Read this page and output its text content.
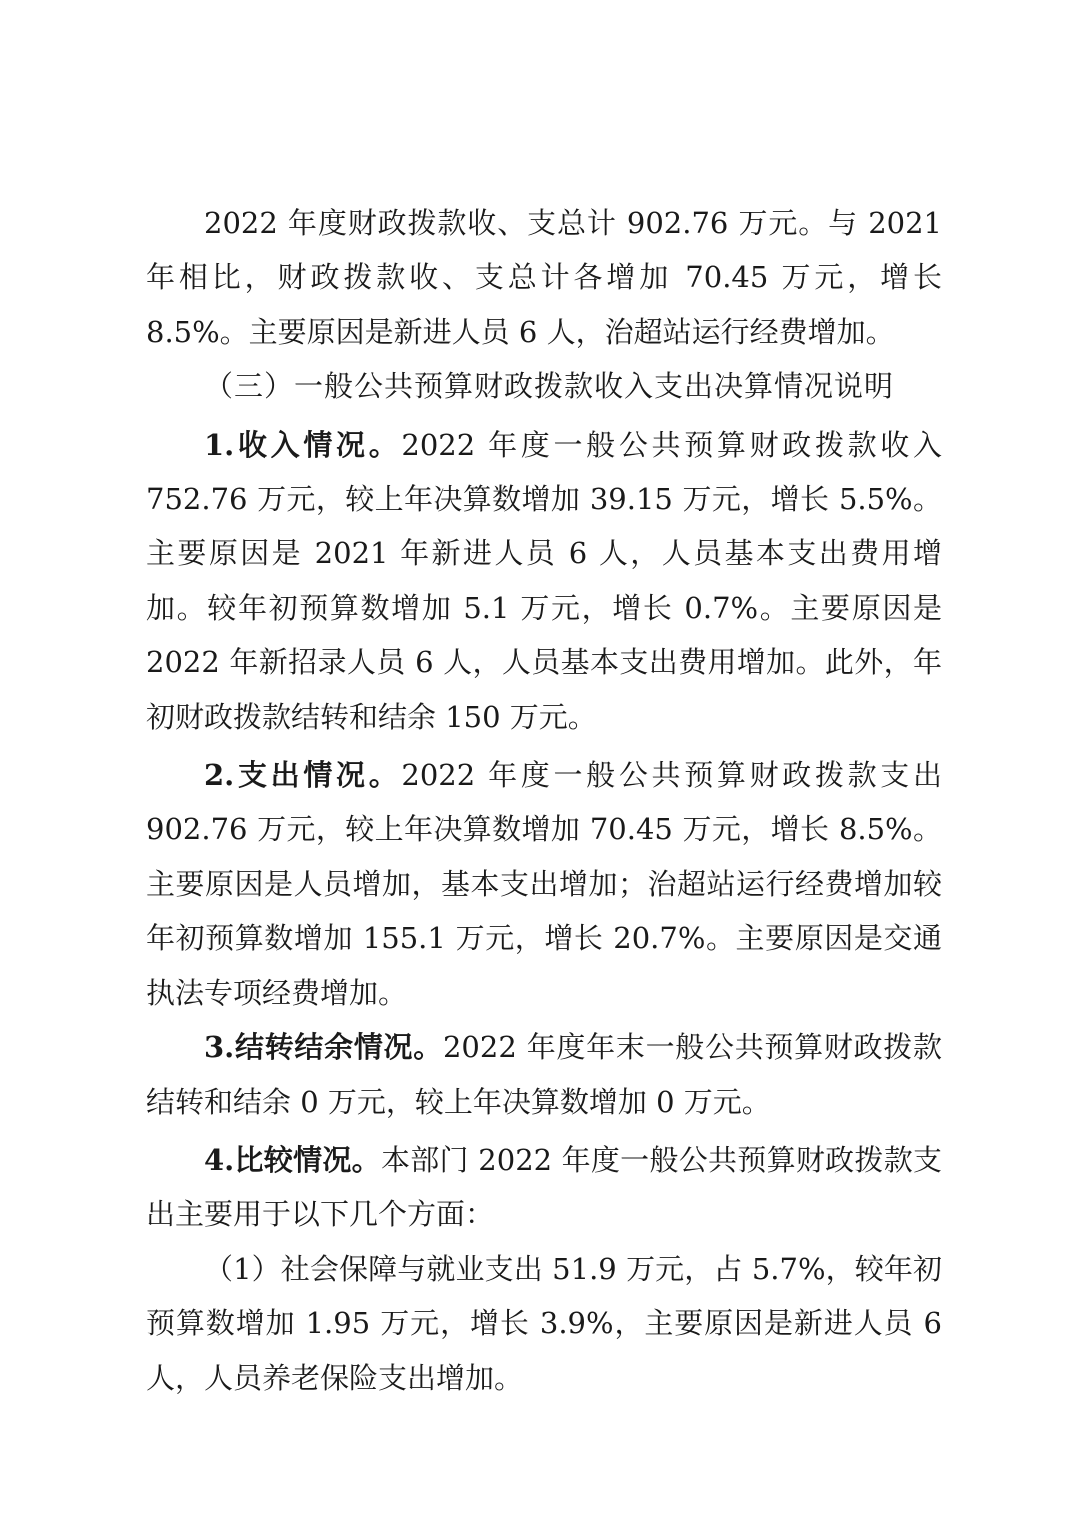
2022 年度财政拨款收、支总计 902.76 万元。与 2021 年相比，财政拨款收、支总计各增加 70.45 万元，增长 8.5%。主要原因是新进人员 6 人，治超站运行经费增加。

（三）一般公共预算财政拨款收入支出决算情况说明

1.收入情况。2022 年度一般公共预算财政拨款收入 752.76 万元，较上年决算数增加 39.15 万元，增长 5.5%。主要原因是 2021 年新进人员 6 人，人员基本支出费用增加。较年初预算数增加 5.1 万元，增长 0.7%。主要原因是 2022 年新招录人员 6 人，人员基本支出费用增加。此外，年初财政拨款结转和结余 150 万元。

2.支出情况。2022 年度一般公共预算财政拨款支出 902.76 万元，较上年决算数增加 70.45 万元，增长 8.5%。主要原因是人员增加，基本支出增加；治超站运行经费增加较年初预算数增加 155.1 万元，增长 20.7%。主要原因是交通执法专项经费增加。

3.结转结余情况。2022 年度年末一般公共预算财政拨款结转和结余 0 万元，较上年决算数增加 0 万元。

4.比较情况。本部门 2022 年度一般公共预算财政拨款支出主要用于以下几个方面：

（1）社会保障与就业支出 51.9 万元，占 5.7%，较年初预算数增加 1.95 万元，增长 3.9%，主要原因是新进人员 6 人，人员养老保险支出增加。
